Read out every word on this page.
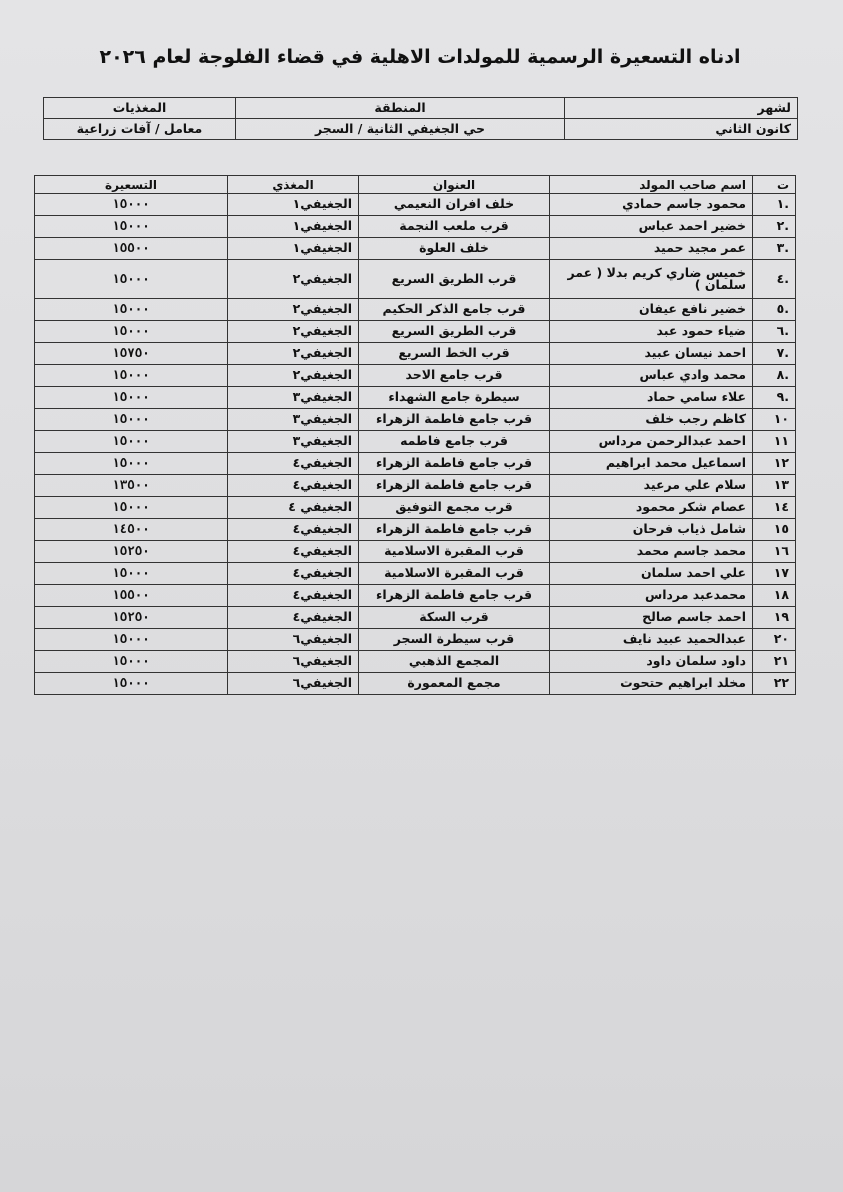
ادناه التسعيرة الرسمية للمولدات الاهلية في قضاء الفلوجة لعام ٢٠٢٦
لشهر	المنطقة	المغذيات
كانون الثاني	حي الجغيفي الثانية / السجر	معامل / آفات زراعية
ت	اسم صاحب المولد	العنوان	المغذي	التسعيرة
.١	محمود جاسم حمادي	خلف افران النعيمي	الجغيفي١	١٥٠٠٠
.٢	خضير احمد عباس	قرب ملعب النجمة	الجغيفي١	١٥٠٠٠
.٣	عمر مجيد حميد	خلف العلوة	الجغيفي١	١٥٥٠٠
.٤	خميس ضاري كريم بدلا ( عمر سلمان )	قرب الطريق السريع	الجغيفي٢	١٥٠٠٠
.٥	خضير نافع عيفان	قرب جامع الذكر الحكيم	الجغيفي٢	١٥٠٠٠
.٦	ضياء حمود عبد	قرب الطريق السريع	الجغيفي٢	١٥٠٠٠
.٧	احمد نيسان عبيد	قرب الخط السريع	الجغيفي٢	١٥٧٥٠
.٨	محمد وادي عباس	قرب جامع الاحد	الجغيفي٢	١٥٠٠٠
.٩	علاء سامي حماد	سيطرة جامع الشهداء	الجغيفي٣	١٥٠٠٠
١٠	كاظم رجب خلف	قرب جامع فاطمة الزهراء	الجغيفي٣	١٥٠٠٠
١١	احمد عبدالرحمن مرداس	قرب جامع فاطمه	الجغيفي٣	١٥٠٠٠
١٢	اسماعيل محمد ابراهيم	قرب جامع فاطمة الزهراء	الجغيفي٤	١٥٠٠٠
١٣	سلام علي مرعيد	قرب جامع فاطمة الزهراء	الجغيفي٤	١٣٥٠٠
١٤	عصام شكر محمود	قرب مجمع التوفيق	الجغيفي ٤	١٥٠٠٠
١٥	شامل ذياب فرحان	قرب جامع فاطمة الزهراء	الجغيفي٤	١٤٥٠٠
١٦	محمد جاسم محمد	قرب المقبرة الاسلامية	الجغيفي٤	١٥٢٥٠
١٧	علي احمد سلمان	قرب المقبرة الاسلامية	الجغيفي٤	١٥٠٠٠
١٨	محمدعبد مرداس	قرب جامع فاطمة الزهراء	الجغيفي٤	١٥٥٠٠
١٩	احمد جاسم صالح	قرب السكة	الجغيفي٤	١٥٢٥٠
٢٠	عبدالحميد عبيد نايف	قرب سيطرة السجر	الجغيفي٦	١٥٠٠٠
٢١	داود سلمان داود	المجمع الذهبي	الجغيفي٦	١٥٠٠٠
٢٢	مخلد ابراهيم حتحوت	مجمع المعمورة	الجغيفي٦	١٥٠٠٠
